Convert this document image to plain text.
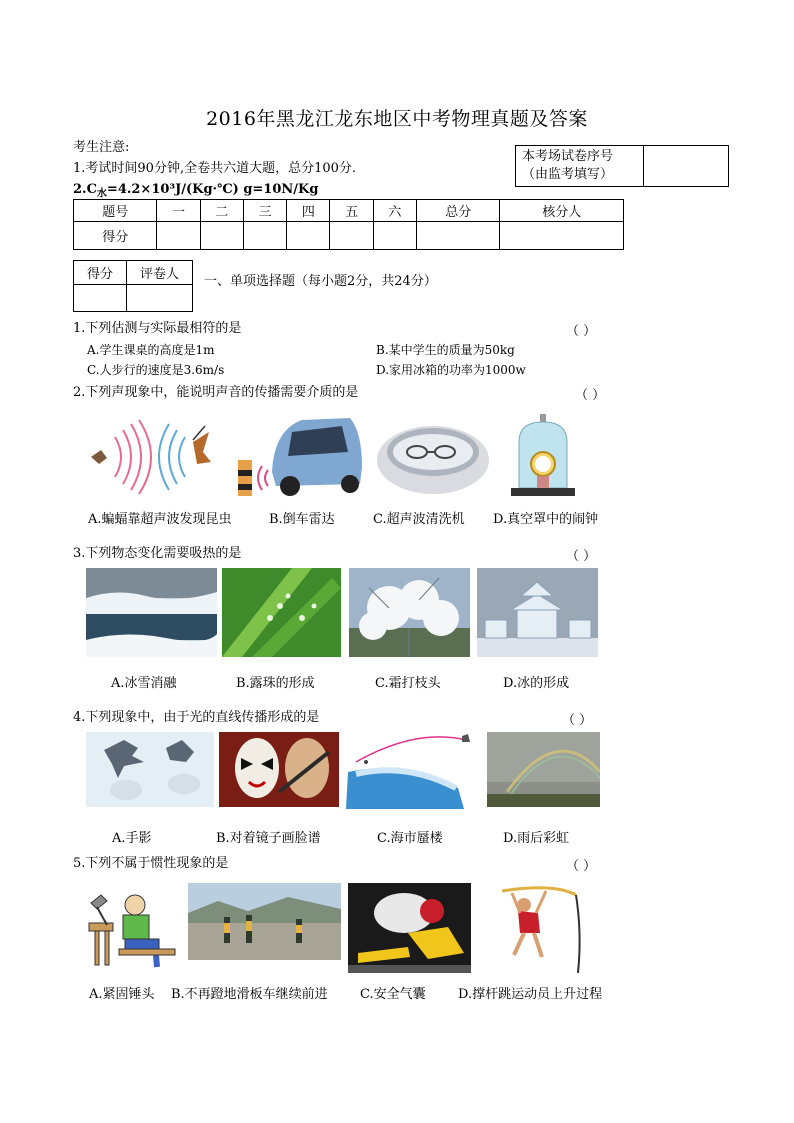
2016年黑龙江龙东地区中考物理真题及答案
考生注意:
1.考试时间90分钟,全卷共六道大题，总分100分.
$2.C_水=4.2\times 10^3J/(Kg\cdot℃)$ g=10N/Kg
本考场试卷序号
（由监考填写）

题号	一	二	三	四	五	六	总分	核分人
得分								
得分	评卷人
	一、单项选择题（每小题2分，共24分）
1.下列估测与实际最相符的是	（ ）
A.学生课桌的高度是1m	B.某中学生的质量为50kg
C.人步行的速度是3.6m/s	D.家用冰箱的功率为1000w
2.下列声现象中，能说明声音的传播需要介质的是	（ ）
A.蝙蝠靠超声波发现昆虫	B.倒车雷达	C.超声波清洗机 D.真空罩中的闹钟
3.下列物态变化需要吸热的是	（ ）
A.冰雪消融	B.露珠的形成	C.霜打枝头	D.冰的形成
4.下列现象中，由于光的直线传播形成的是	（ ）
A.手影	B.对着镜子画脸谱	C.海市蜃楼	D.雨后彩虹
5.下列不属于惯性现象的是	（ ）
A.紧固锤头 B.不再蹬地滑板车继续前进 C.安全气囊 D.撑杆跳运动员上升过程
